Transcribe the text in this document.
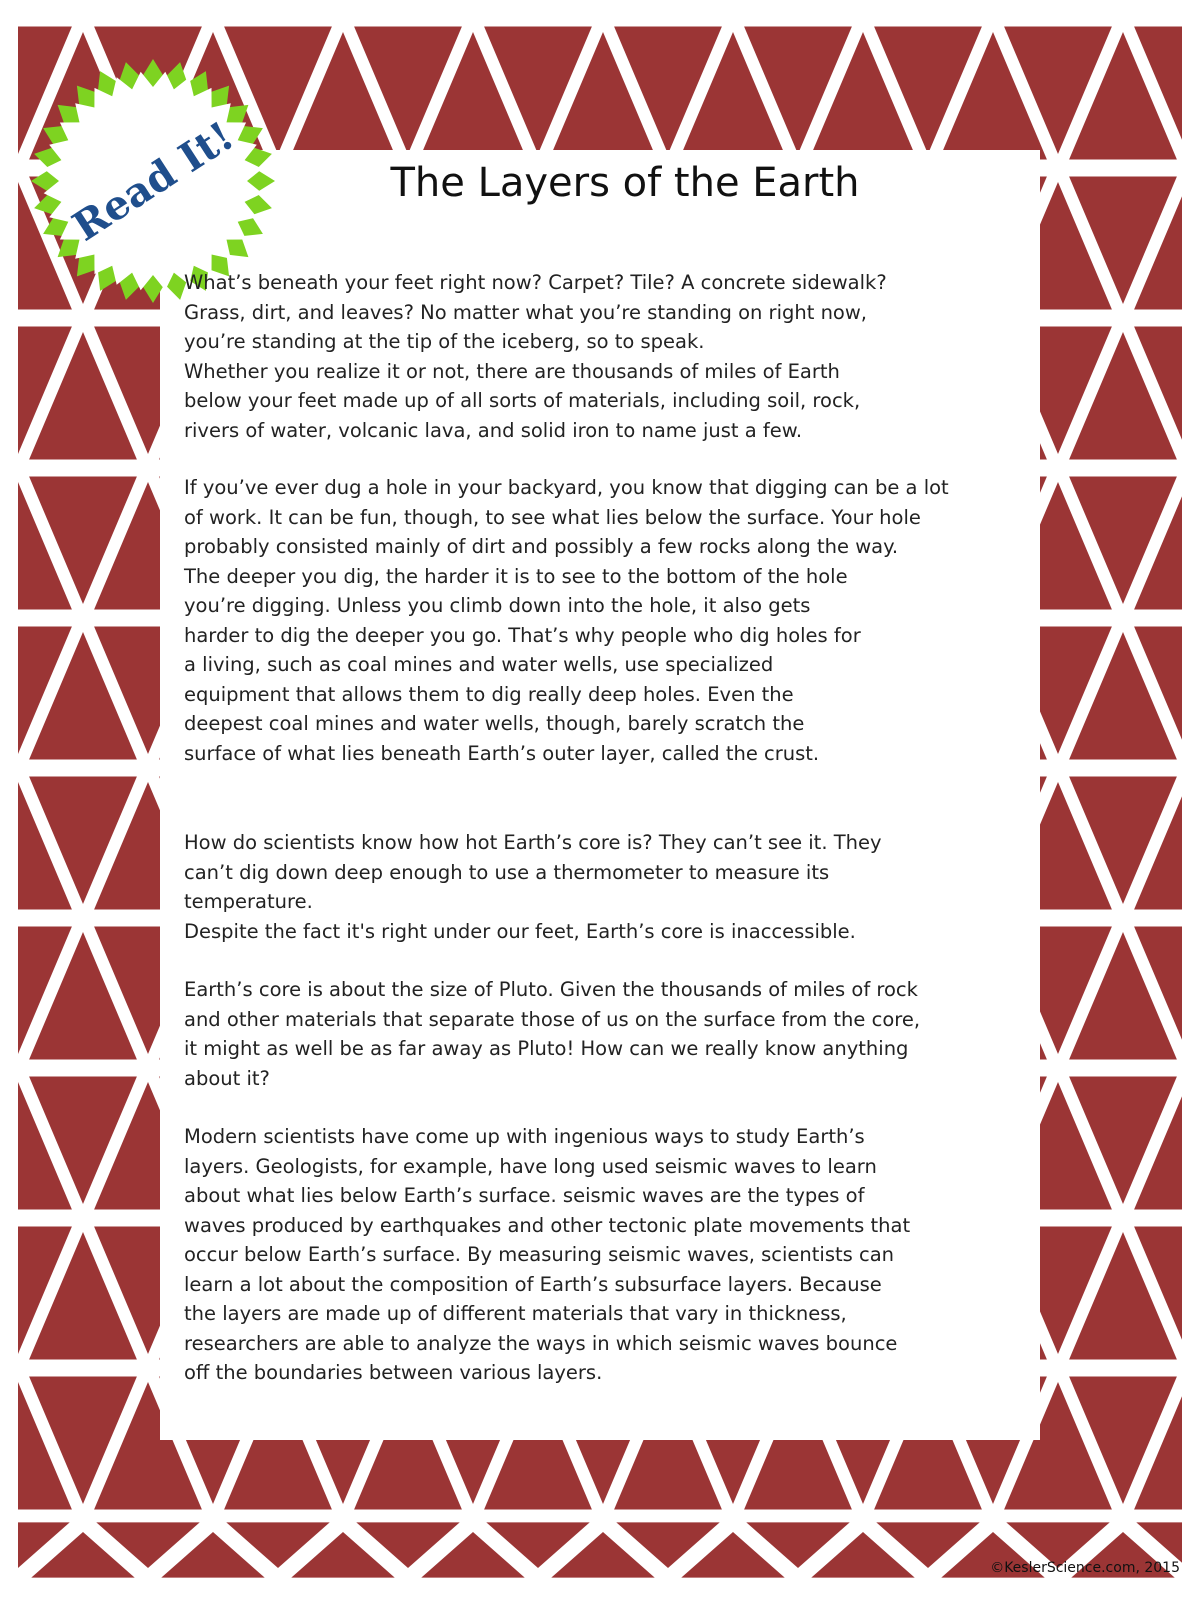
Read It!	The Layers of the Earth
What’s beneath your feet right now? Carpet? Tile? A concrete sidewalk?
Grass, dirt, and leaves? No matter what you’re standing on right now,
you’re standing at the tip of the iceberg, so to speak.
Whether you realize it or not, there are thousands of miles of Earth
below your feet made up of all sorts of materials, including soil, rock,
rivers of water, volcanic lava, and solid iron to name just a few.
If you’ve ever dug a hole in your backyard, you know that digging can be a lot
of work. It can be fun, though, to see what lies below the surface. Your hole
probably consisted mainly of dirt and possibly a few rocks along the way.
The deeper you dig, the harder it is to see to the bottom of the hole
you’re digging. Unless you climb down into the hole, it also gets
harder to dig the deeper you go. That’s why people who dig holes for
a living, such as coal mines and water wells, use specialized
equipment that allows them to dig really deep holes. Even the
deepest coal mines and water wells, though, barely scratch the
surface of what lies beneath Earth’s outer layer, called the crust.
How do scientists know how hot Earth’s core is? They can’t see it. They
can’t dig down deep enough to use a thermometer to measure its
temperature.
Despite the fact it's right under our feet, Earth’s core is inaccessible.
Earth’s core is about the size of Pluto. Given the thousands of miles of rock
and other materials that separate those of us on the surface from the core,
it might as well be as far away as Pluto! How can we really know anything
about it?
Modern scientists have come up with ingenious ways to study Earth’s
layers. Geologists, for example, have long used seismic waves to learn
about what lies below Earth’s surface. seismic waves are the types of
waves produced by earthquakes and other tectonic plate movements that
occur below Earth’s surface. By measuring seismic waves, scientists can
learn a lot about the composition of Earth’s subsurface layers. Because
the layers are made up of different materials that vary in thickness,
researchers are able to analyze the ways in which seismic waves bounce
off the boundaries between various layers.
©KeslerScience.com, 2015
